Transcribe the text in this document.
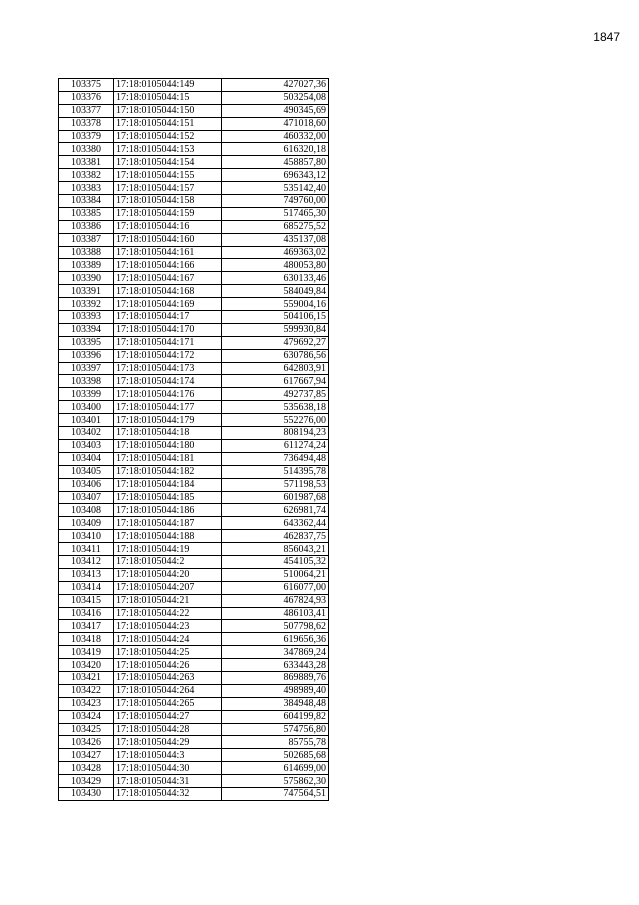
1847
103375	17:18:0105044:149	427027,36
103376	17:18:0105044:15	503254,08
103377	17:18:0105044:150	490345,69
103378	17:18:0105044:151	471018,60
103379	17:18:0105044:152	460332,00
103380	17:18:0105044:153	616320,18
103381	17:18:0105044:154	458857,80
103382	17:18:0105044:155	696343,12
103383	17:18:0105044:157	535142,40
103384	17:18:0105044:158	749760,00
103385	17:18:0105044:159	517465,30
103386	17:18:0105044:16	685275,52
103387	17:18:0105044:160	435137,08
103388	17:18:0105044:161	469363,02
103389	17:18:0105044:166	480053,80
103390	17:18:0105044:167	630133,46
103391	17:18:0105044:168	584049,84
103392	17:18:0105044:169	559004,16
103393	17:18:0105044:17	504106,15
103394	17:18:0105044:170	599930,84
103395	17:18:0105044:171	479692,27
103396	17:18:0105044:172	630786,56
103397	17:18:0105044:173	642803,91
103398	17:18:0105044:174	617667,94
103399	17:18:0105044:176	492737,85
103400	17:18:0105044:177	535638,18
103401	17:18:0105044:179	552276,00
103402	17:18:0105044:18	808194,23
103403	17:18:0105044:180	611274,24
103404	17:18:0105044:181	736494,48
103405	17:18:0105044:182	514395,78
103406	17:18:0105044:184	571198,53
103407	17:18:0105044:185	601987,68
103408	17:18:0105044:186	626981,74
103409	17:18:0105044:187	643362,44
103410	17:18:0105044:188	462837,75
103411	17:18:0105044:19	856043,21
103412	17:18:0105044:2	454105,32
103413	17:18:0105044:20	510064,21
103414	17:18:0105044:207	616077,00
103415	17:18:0105044:21	467824,93
103416	17:18:0105044:22	486103,41
103417	17:18:0105044:23	507798,62
103418	17:18:0105044:24	619656,36
103419	17:18:0105044:25	347869,24
103420	17:18:0105044:26	633443,28
103421	17:18:0105044:263	869889,76
103422	17:18:0105044:264	498989,40
103423	17:18:0105044:265	384948,48
103424	17:18:0105044:27	604199,82
103425	17:18:0105044:28	574756,80
103426	17:18:0105044:29	85755,78
103427	17:18:0105044:3	502685,68
103428	17:18:0105044:30	614699,00
103429	17:18:0105044:31	575862,30
103430	17:18:0105044:32	747564,51
